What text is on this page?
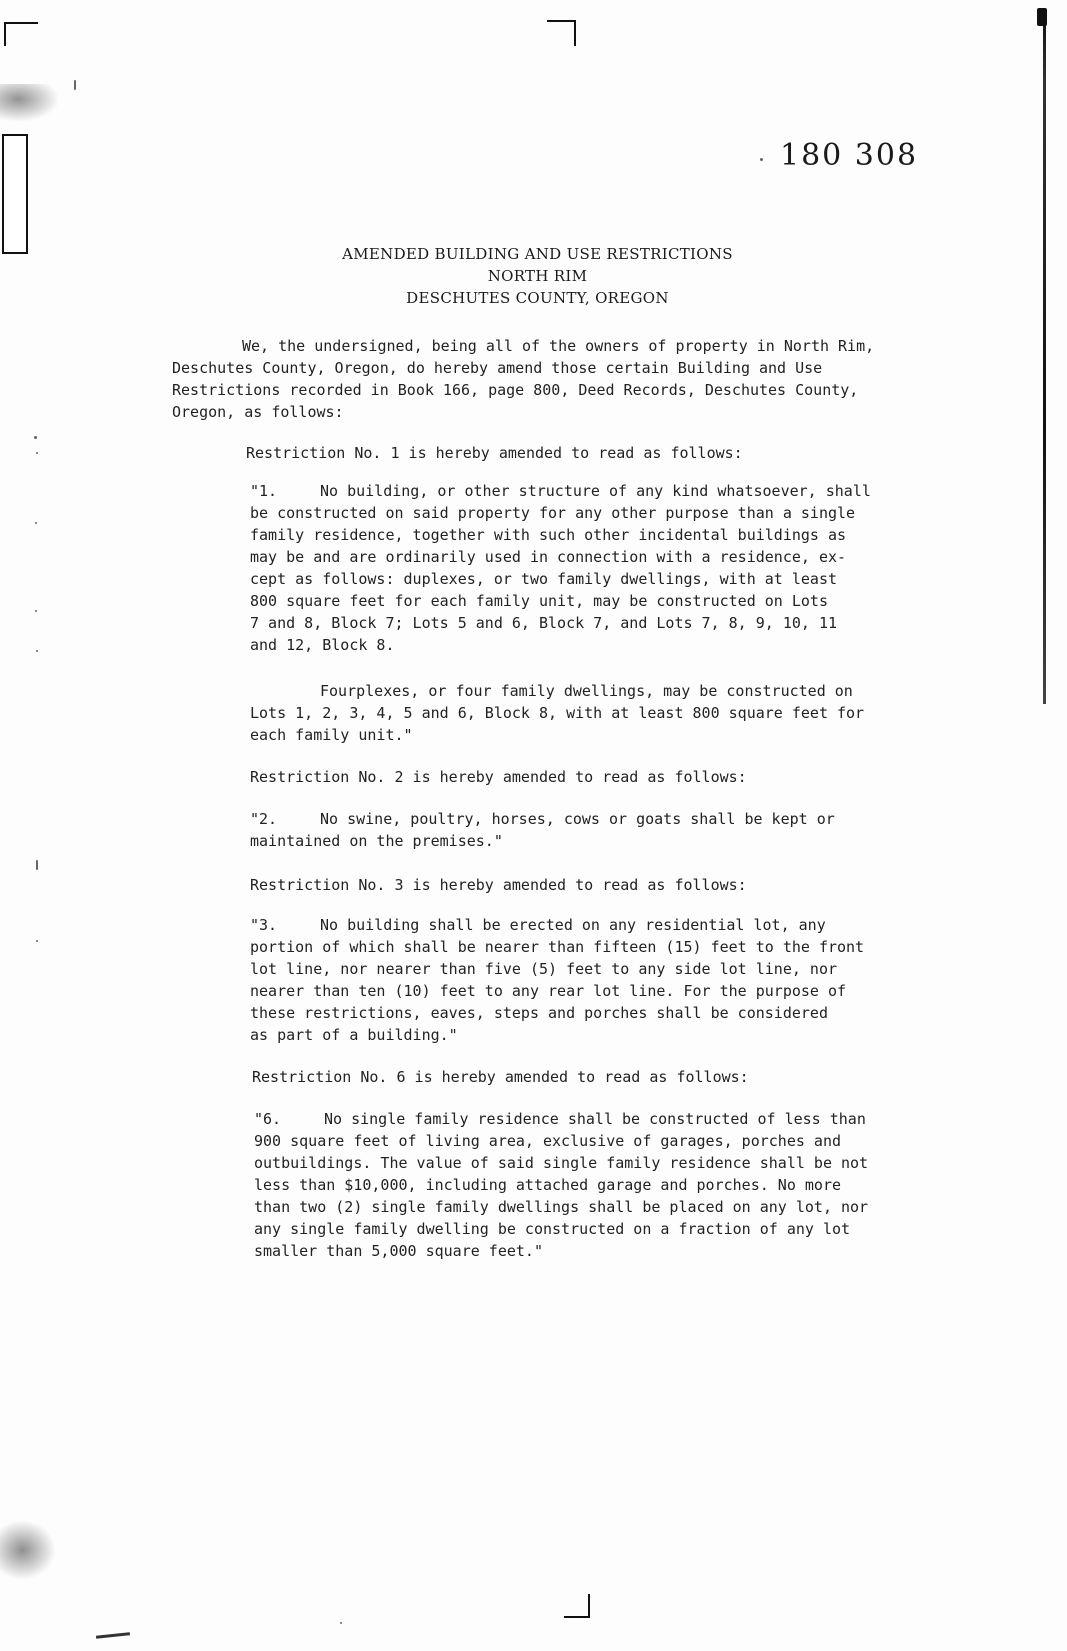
180 308
AMENDED BUILDING AND USE RESTRICTIONS
NORTH RIM
DESCHUTES COUNTY, OREGON
We, the undersigned, being all of the owners of property in North Rim,
Deschutes County, Oregon, do hereby amend those certain Building and Use
Restrictions recorded in Book 166, page 800, Deed Records, Deschutes County,
Oregon, as follows:
Restriction No. 1 is hereby amended to read as follows:
"1.	No building, or other structure of any kind whatsoever, shall
be constructed on said property for any other purpose than a single
family residence, together with such other incidental buildings as
may be and are ordinarily used in connection with a residence, ex-
cept as follows: duplexes, or two family dwellings, with at least
800 square feet for each family unit, may be constructed on Lots
7 and 8, Block 7; Lots 5 and 6, Block 7, and Lots 7, 8, 9, 10, 11
and 12, Block 8.
Fourplexes, or four family dwellings, may be constructed on
Lots 1, 2, 3, 4, 5 and 6, Block 8, with at least 800 square feet for
each family unit."
Restriction No. 2 is hereby amended to read as follows:
"2.	No swine, poultry, horses, cows or goats shall be kept or
maintained on the premises."
Restriction No. 3 is hereby amended to read as follows:
"3.	No building shall be erected on any residential lot, any
portion of which shall be nearer than fifteen (15) feet to the front
lot line, nor nearer than five (5) feet to any side lot line, nor
nearer than ten (10) feet to any rear lot line. For the purpose of
these restrictions, eaves, steps and porches shall be considered
as part of a building."
Restriction No. 6 is hereby amended to read as follows:
"6.	No single family residence shall be constructed of less than
900 square feet of living area, exclusive of garages, porches and
outbuildings. The value of said single family residence shall be not
less than $10,000, including attached garage and porches. No more
than two (2) single family dwellings shall be placed on any lot, nor
any single family dwelling be constructed on a fraction of any lot
smaller than 5,000 square feet."
